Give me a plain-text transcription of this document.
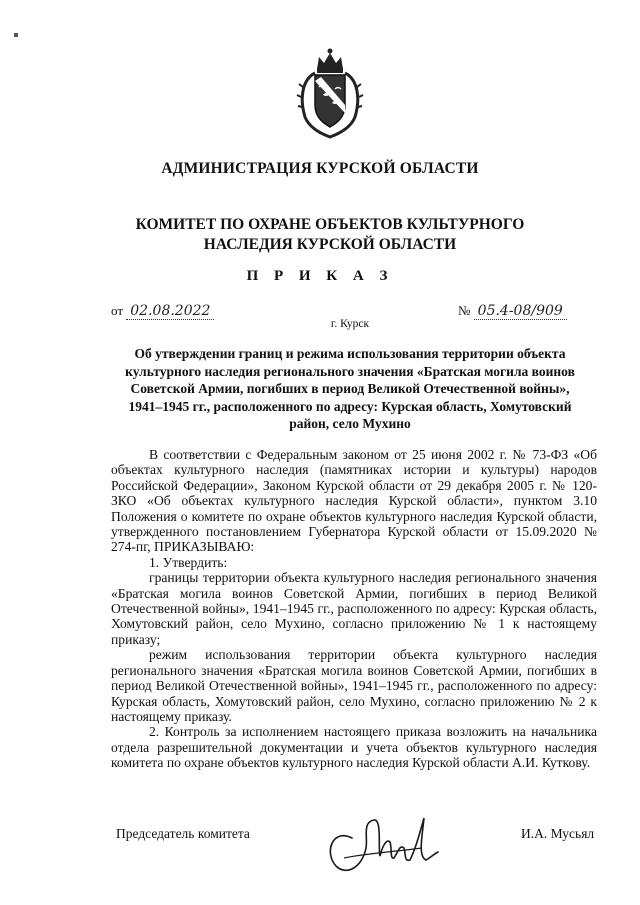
АДМИНИСТРАЦИЯ КУРСКОЙ ОБЛАСТИ
КОМИТЕТ ПО ОХРАНЕ ОБЪЕКТОВ КУЛЬТУРНОГО НАСЛЕДИЯ КУРСКОЙ ОБЛАСТИ
П Р И К А З
от 02.08.2022	№ 05.4-08/909
г. Курск
Об утверждении границ и режима использования территории объекта культурного наследия регионального значения «Братская могила воинов Советской Армии, погибших в период Великой Отечественной войны», 1941–1945 гг., расположенного по адресу: Курская область, Хомутовский район, село Мухино

В соответствии с Федеральным законом от 25 июня 2002 г. № 73-ФЗ «Об объектах культурного наследия (памятниках истории и культуры) народов Российской Федерации», Законом Курской области от 29 декабря 2005 г. № 120-ЗКО «Об объектах культурного наследия Курской области», пунктом 3.10 Положения о комитете по охране объектов культурного наследия Курской области, утвержденного постановлением Губернатора Курской области от 15.09.2020 № 274-пг, ПРИКАЗЫВАЮ:

1. Утвердить:

границы территории объекта культурного наследия регионального значения «Братская могила воинов Советской Армии, погибших в период Великой Отечественной войны», 1941–1945 гг., расположенного по адресу: Курская область, Хомутовский район, село Мухино, согласно приложению № 1 к настоящему приказу;

режим использования территории объекта культурного наследия регионального значения «Братская могила воинов Советской Армии, погибших в период Великой Отечественной войны», 1941–1945 гг., расположенного по адресу: Курская область, Хомутовский район, село Мухино, согласно приложению № 2 к настоящему приказу.

2. Контроль за исполнением настоящего приказа возложить на начальника отдела разрешительной документации и учета объектов культурного наследия комитета по охране объектов культурного наследия Курской области А.И. Куткову.

Председатель комитета	И.А. Мусьял
